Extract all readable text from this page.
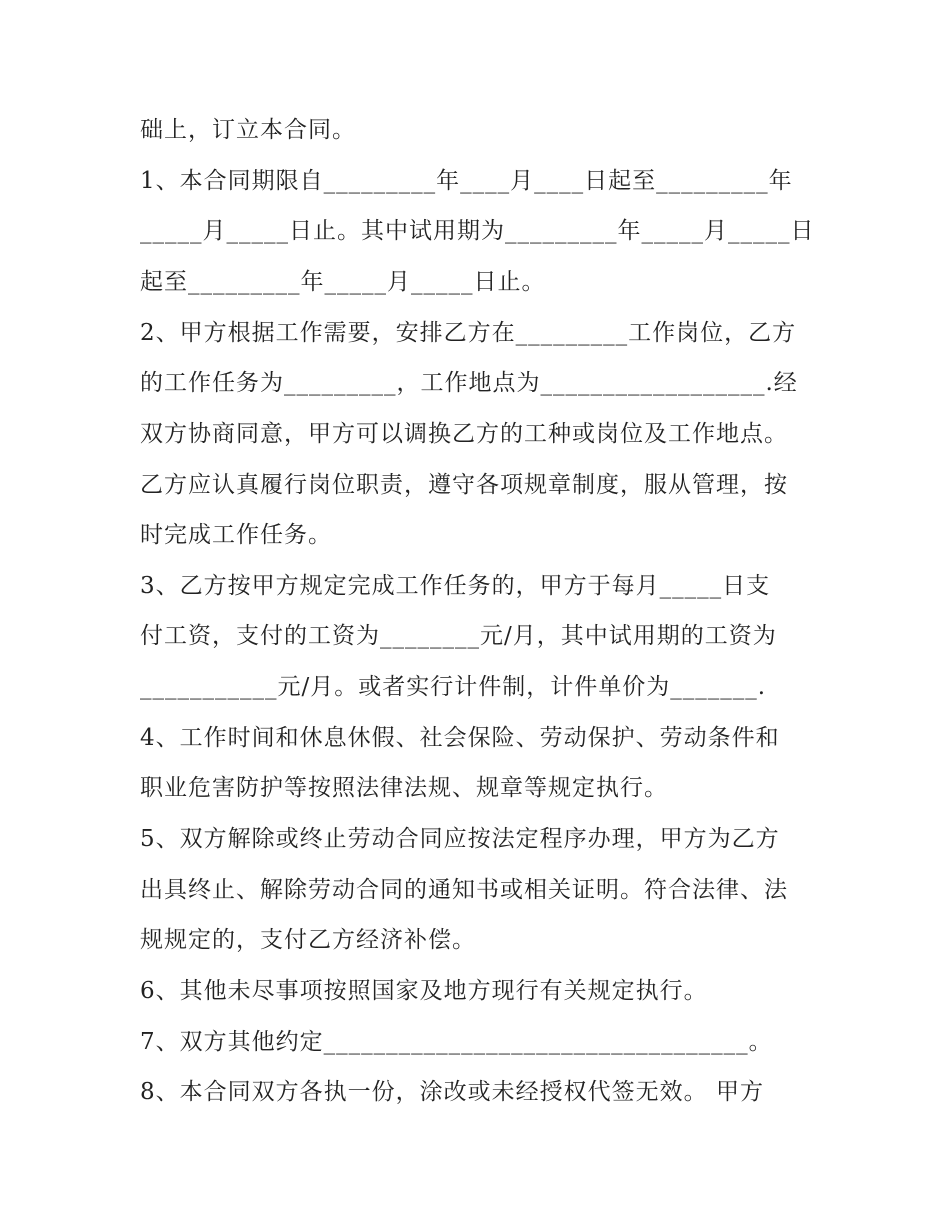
础上，订立本合同。
1、本合同期限自_________年____月____日起至_________年
_____月_____日止。其中试用期为_________年_____月_____日
起至_________年_____月_____日止。
2、甲方根据工作需要，安排乙方在_________工作岗位，乙方
的工作任务为_________，工作地点为__________________.经
双方协商同意，甲方可以调换乙方的工种或岗位及工作地点。
乙方应认真履行岗位职责，遵守各项规章制度，服从管理，按
时完成工作任务。
3、乙方按甲方规定完成工作任务的，甲方于每月_____日支
付工资，支付的工资为________元/月，其中试用期的工资为
___________元/月。或者实行计件制，计件单价为_______.
4、工作时间和休息休假、社会保险、劳动保护、劳动条件和
职业危害防护等按照法律法规、规章等规定执行。
5、双方解除或终止劳动合同应按法定程序办理，甲方为乙方
出具终止、解除劳动合同的通知书或相关证明。符合法律、法
规规定的，支付乙方经济补偿。
6、其他未尽事项按照国家及地方现行有关规定执行。
7、双方其他约定__________________________________。
8、本合同双方各执一份，涂改或未经授权代签无效。 甲方
